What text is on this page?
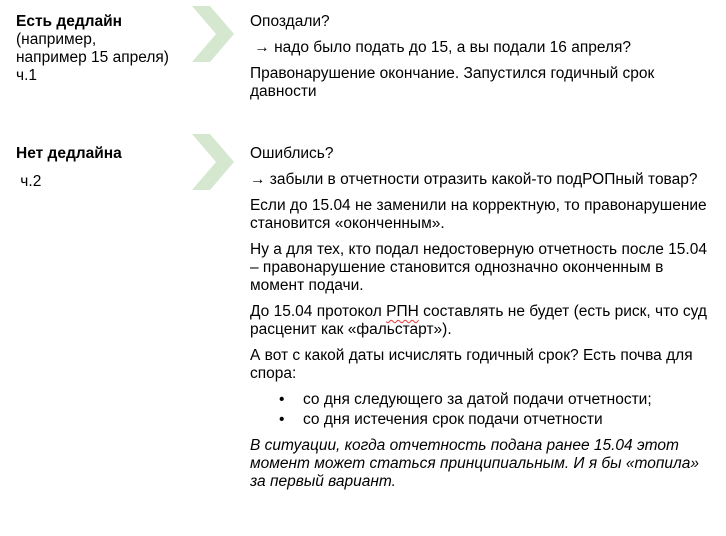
Есть дедлайн
(например,
например 15 апреля)
ч.1

Опоздали?

→ надо было подать до 15, а вы подали 16 апреля?

Правонарушение окончание. Запустился годичный срок давности

Нет дедлайна
ч.2

Ошиблись?

→ забыли в отчетности отразить какой-то подРОПный товар?

Если до 15.04 не заменили на корректную, то правонарушение становится «оконченным».

Ну а для тех, кто подал недостоверную отчетность после 15.04 – правонарушение становится однозначно оконченным в момент подачи.

До 15.04 протокол РПН составлять не будет (есть риск, что суд расценит как «фальстарт»).

А вот с какой даты исчислять годичный срок? Есть почва для спора:

• со дня следующего за датой подачи отчетности;
• со дня истечения срок подачи отчетности

В ситуации, когда отчетность подана ранее 15.04 этот момент может статься принципиальным. И я бы «топила» за первый вариант.
